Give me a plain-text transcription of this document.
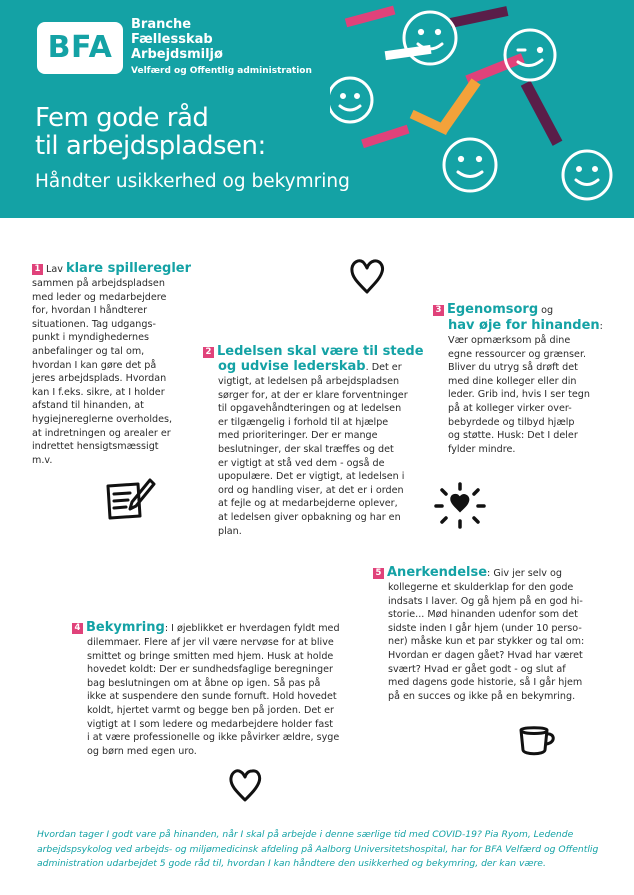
BFA
Branche
Fællesskab
Arbejdsmiljø
Velfærd og Offentlig administration
Fem gode råd
til arbejdspladsen:
Håndter usikkerhed og bekymring

1 Lav klare spilleregler

sammen på arbejdspladsen

med leder og medarbejdere

for, hvordan I håndterer

situationen. Tag udgangs-

punkt i myndighedernes

anbefalinger og tal om,

hvordan I kan gøre det på

jeres arbejdsplads. Hvordan

kan I f.eks. sikre, at I holder

afstand til hinanden, at

hygiejnereglerne overholdes,

at indretningen og arealer er

indrettet hensigtsmæssigt

m.v.

2 Ledelsen skal være til stede

og udvise lederskab. Det er

vigtigt, at ledelsen på arbejdspladsen

sørger for, at der er klare forventninger

til opgavehåndteringen og at ledelsen

er tilgængelig i forhold til at hjælpe

med prioriteringer. Der er mange

beslutninger, der skal træffes og det

er vigtigt at stå ved dem - også de

upopulære. Det er vigtigt, at ledelsen i

ord og handling viser, at det er i orden

at fejle og at medarbejderne oplever,

at ledelsen giver opbakning og har en

plan.

3 Egenomsorg og

hav øje for hinanden:

Vær opmærksom på dine

egne ressourcer og grænser.

Bliver du utryg så drøft det

med dine kolleger eller din

leder. Grib ind, hvis I ser tegn

på at kolleger virker over-

bebyrdede og tilbyd hjælp

og støtte. Husk: Det I deler

fylder mindre.

4 Bekymring: I øjeblikket er hverdagen fyldt med

dilemmaer. Flere af jer vil være nervøse for at blive

smittet og bringe smitten med hjem. Husk at holde

hovedet koldt: Der er sundhedsfaglige beregninger

bag beslutningen om at åbne op igen. Så pas på

ikke at suspendere den sunde fornuft. Hold hovedet

koldt, hjertet varmt og begge ben på jorden. Det er

vigtigt at I som ledere og medarbejdere holder fast

i at være professionelle og ikke påvirker ældre, syge

og børn med egen uro.

5 Anerkendelse: Giv jer selv og

kollegerne et skulderklap for den gode

indsats I laver. Og gå hjem på en god hi-

storie... Mød hinanden udenfor som det

sidste inden I går hjem (under 10 perso-

ner) måske kun et par stykker og tal om:

Hvordan er dagen gået? Hvad har været

svært? Hvad er gået godt - og slut af

med dagens gode historie, så I går hjem

på en succes og ikke på en bekymring.

Hvordan tager I godt vare på hinanden, når I skal på arbejde i denne særlige tid med COVID-19? Pia Ryom, Ledende

arbejdspsykolog ved arbejds- og miljømedicinsk afdeling på Aalborg Universitetshospital, har for BFA Velfærd og Offentlig

administration udarbejdet 5 gode råd til, hvordan I kan håndtere den usikkerhed og bekymring, der kan være.
